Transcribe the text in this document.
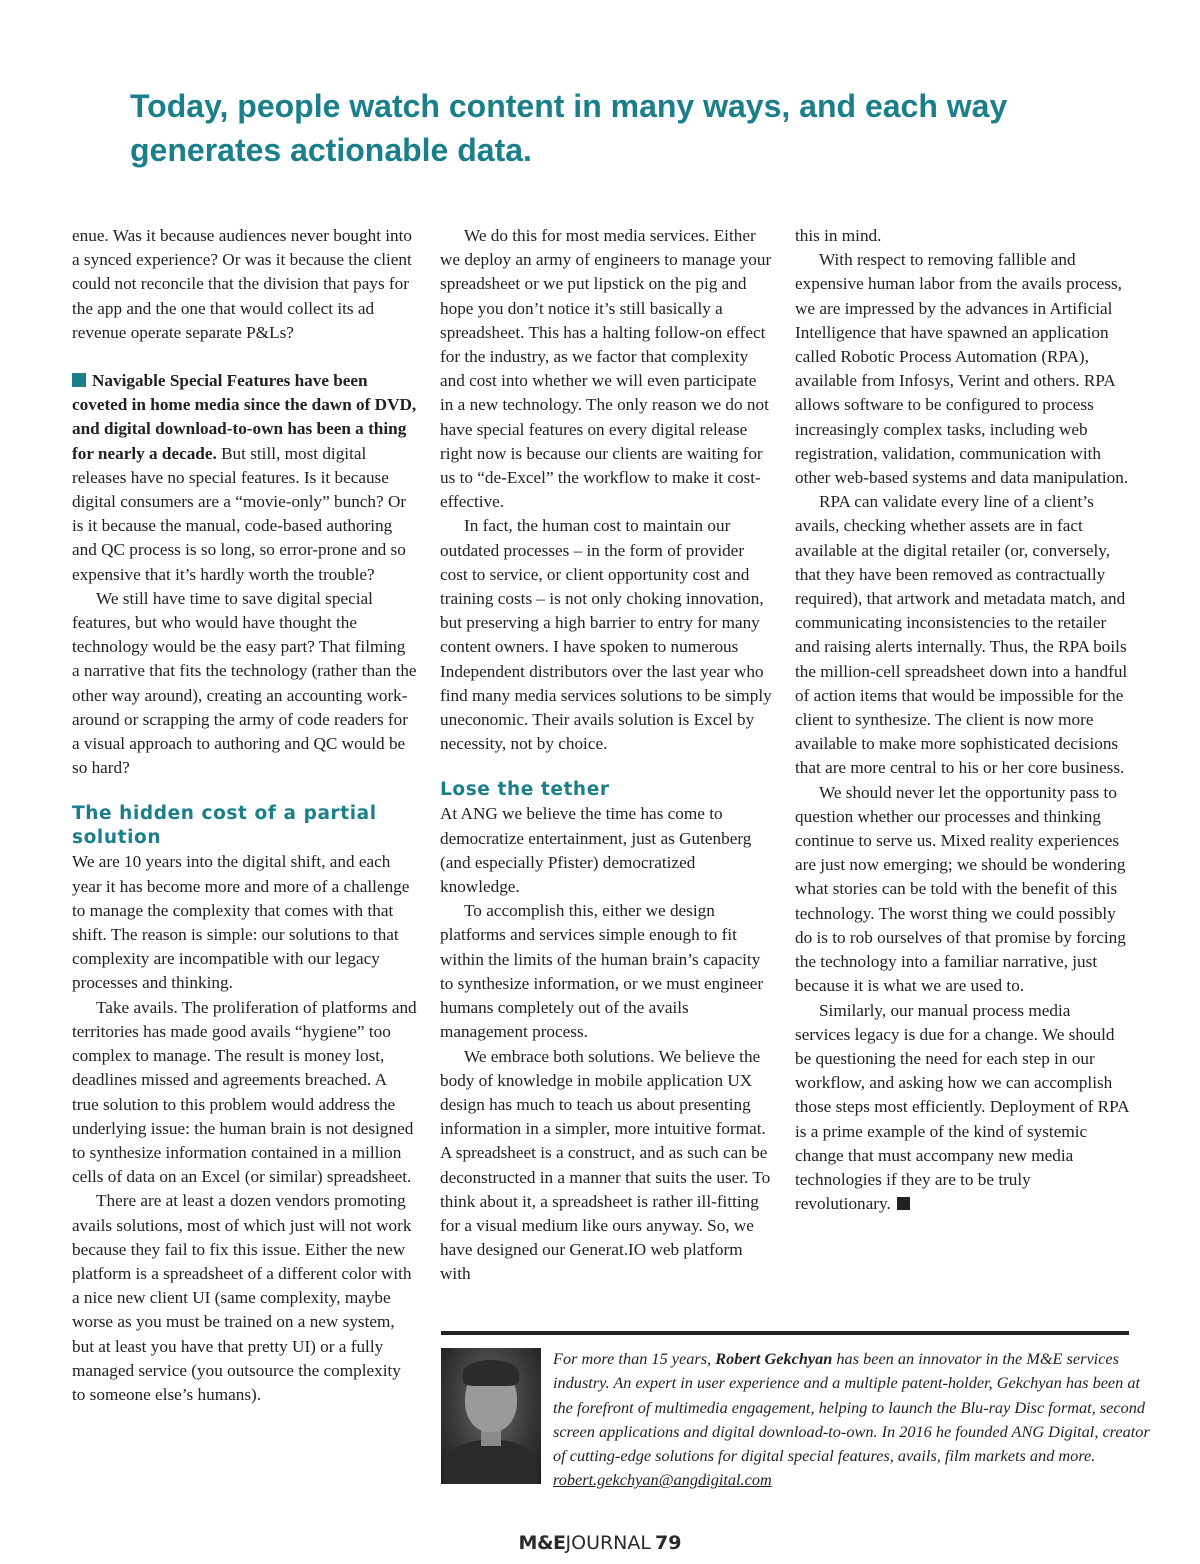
Today, people watch content in many ways, and each way generates actionable data.

enue. Was it because audiences never bought into a synced experience? Or was it because the client could not reconcile that the division that pays for the app and the one that would collect its ad revenue operate separate P&Ls?

Navigable Special Features have been coveted in home media since the dawn of DVD, and digital download-to-own has been a thing for nearly a decade. But still, most digital releases have no special features. Is it because digital consumers are a “movie-only” bunch? Or is it because the manual, code-based authoring and QC process is so long, so error-prone and so expensive that it’s hardly worth the trouble?

We still have time to save digital special features, but who would have thought the technology would be the easy part? That filming a narrative that fits the technology (rather than the other way around), creating an accounting work-around or scrapping the army of code readers for a visual approach to authoring and QC would be so hard?

The hidden cost of a partial solution

We are 10 years into the digital shift, and each year it has become more and more of a challenge to manage the complexity that comes with that shift. The reason is simple: our solutions to that complexity are incompatible with our legacy processes and thinking.

Take avails. The proliferation of platforms and territories has made good avails “hygiene” too complex to manage. The result is money lost, deadlines missed and agreements breached. A true solution to this problem would address the underlying issue: the human brain is not designed to synthesize information contained in a million cells of data on an Excel (or similar) spreadsheet.

There are at least a dozen vendors promoting avails solutions, most of which just will not work because they fail to fix this issue. Either the new platform is a spreadsheet of a different color with a nice new client UI (same complexity, maybe worse as you must be trained on a new system, but at least you have that pretty UI) or a fully managed service (you outsource the complexity to someone else’s humans).

We do this for most media services. Either we deploy an army of engineers to manage your spreadsheet or we put lipstick on the pig and hope you don’t notice it’s still basically a spreadsheet. This has a halting follow-on effect for the industry, as we factor that complexity and cost into whether we will even participate in a new technology. The only reason we do not have special features on every digital release right now is because our clients are waiting for us to “de-Excel” the workflow to make it cost-effective.

In fact, the human cost to maintain our outdated processes – in the form of provider cost to service, or client opportunity cost and training costs – is not only choking innovation, but preserving a high barrier to entry for many content owners. I have spoken to numerous Independent distributors over the last year who find many media services solutions to be simply uneconomic. Their avails solution is Excel by necessity, not by choice.

Lose the tether

At ANG we believe the time has come to democratize entertainment, just as Gutenberg (and especially Pfister) democratized knowledge.

To accomplish this, either we design platforms and services simple enough to fit within the limits of the human brain’s capacity to synthesize information, or we must engineer humans completely out of the avails management process.

We embrace both solutions. We believe the body of knowledge in mobile application UX design has much to teach us about presenting information in a simpler, more intuitive format. A spreadsheet is a construct, and as such can be deconstructed in a manner that suits the user. To think about it, a spreadsheet is rather ill-fitting for a visual medium like ours anyway. So, we have designed our Generat.IO web platform with

this in mind.

With respect to removing fallible and expensive human labor from the avails process, we are impressed by the advances in Artificial Intelligence that have spawned an application called Robotic Process Automation (RPA), available from Infosys, Verint and others. RPA allows software to be configured to process increasingly complex tasks, including web registration, validation, communication with other web-based systems and data manipulation.

RPA can validate every line of a client’s avails, checking whether assets are in fact available at the digital retailer (or, conversely, that they have been removed as contractually required), that artwork and metadata match, and communicating inconsistencies to the retailer and raising alerts internally. Thus, the RPA boils the million-cell spreadsheet down into a handful of action items that would be impossible for the client to synthesize. The client is now more available to make more sophisticated decisions that are more central to his or her core business.

We should never let the opportunity pass to question whether our processes and thinking continue to serve us. Mixed reality experiences are just now emerging; we should be wondering what stories can be told with the benefit of this technology. The worst thing we could possibly do is to rob ourselves of that promise by forcing the technology into a familiar narrative, just because it is what we are used to.

Similarly, our manual process media services legacy is due for a change. We should be questioning the need for each step in our workflow, and asking how we can accomplish those steps most efficiently. Deployment of RPA is a prime example of the kind of systemic change that must accompany new media technologies if they are to be truly revolutionary.

For more than 15 years, Robert Gekchyan has been an innovator in the M&E services industry. An expert in user experience and a multiple patent-holder, Gekchyan has been at the forefront of multimedia engagement, helping to launch the Blu-ray Disc format, second screen applications and digital download-to-own. In 2016 he founded ANG Digital, creator of cutting-edge solutions for digital special features, avails, film markets and more. robert.gekchyan@angdigital.com

M&EJOURNAL 79
